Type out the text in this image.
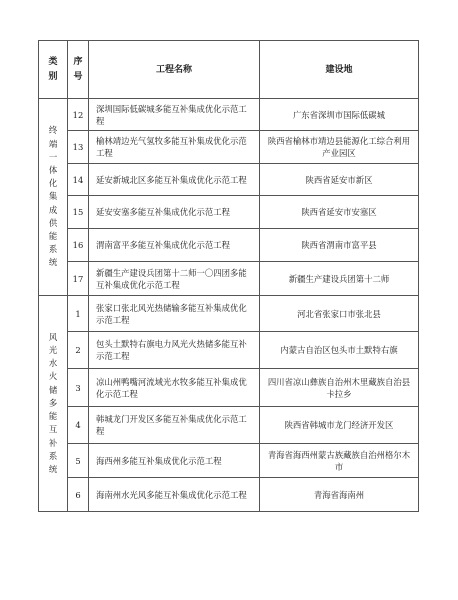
类别	序号	工程名称	建设地

终端一体化集成供能系统	12	深圳国际低碳城多能互补集成优化示范工程	广东省深圳市国际低碳城
	13	榆林靖边光气氢牧多能互补集成优化示范工程	陕西省榆林市靖边县能源化工综合利用产业园区
	14	延安新城北区多能互补集成优化示范工程	陕西省延安市新区
	15	延安安塞多能互补集成优化示范工程	陕西省延安市安塞区
	16	渭南富平多能互补集成优化示范工程	陕西省渭南市富平县
	17	新疆生产建设兵团第十二师一〇四团多能互补集成优化示范工程	新疆生产建设兵团第十二师

风光水火储多能互补系统	1	张家口张北风光热储输多能互补集成优化示范工程	河北省张家口市张北县
	2	包头土默特右旗电力风光火热储多能互补示范工程	内蒙古自治区包头市土默特右旗
	3	凉山州鸭嘴河流域光水牧多能互补集成优化示范工程	四川省凉山彝族自治州木里藏族自治县卡拉乡
	4	韩城龙门开发区多能互补集成优化示范工程	陕西省韩城市龙门经济开发区
	5	海西州多能互补集成优化示范工程	青海省海西州蒙古族藏族自治州格尔木市
	6	海南州水光风多能互补集成优化示范工程	青海省海南州
